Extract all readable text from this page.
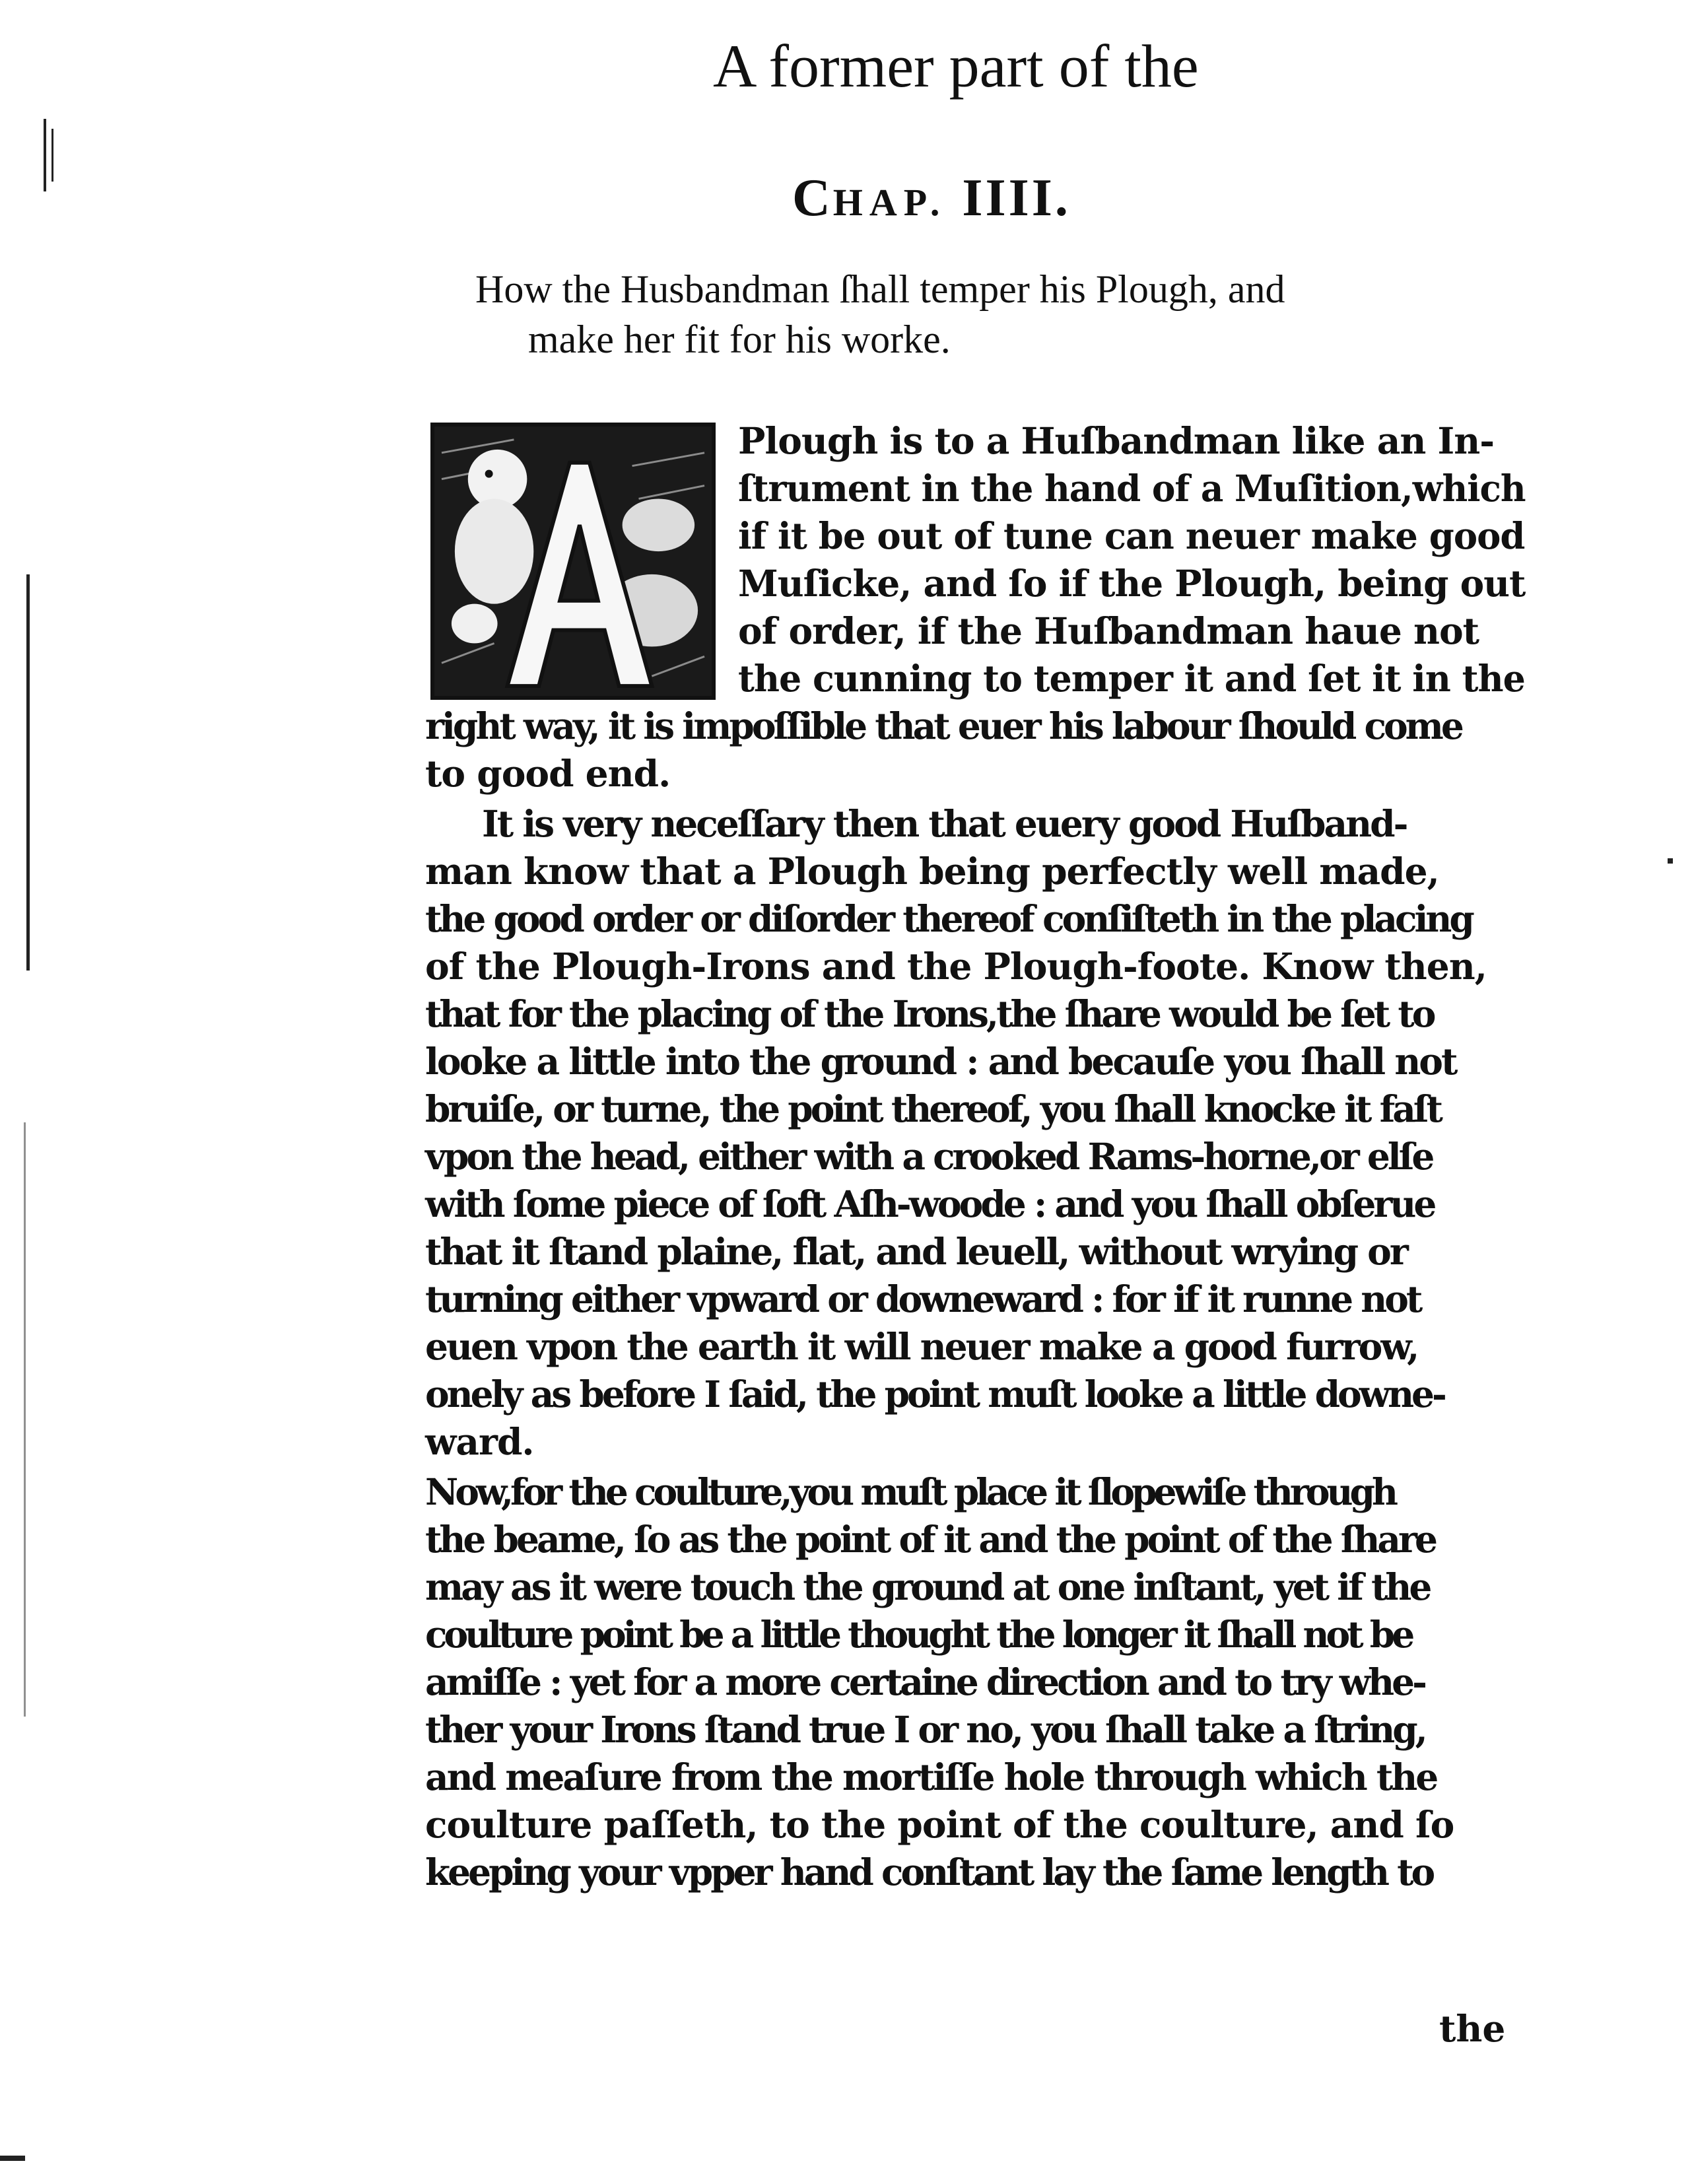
A former part of the
CHAP. IIII.
How the Husbandman ſhall temper his Plough, and
make her fit for his worke.
A
Plough is to a Huſbandman like an In-
ſtrument in the hand of a Muſition,which
if it be out of tune can neuer make good
Muſicke, and ſo if the Plough, being out
of order, if the Huſbandman haue not
the cunning to temper it and ſet it in the
right way, it is impoſſible that euer his labour ſhould come
to good end.
It is very neceſſary then that euery good Huſband-
man know that a Plough being perfectly well made,
the good order or diſorder thereof conſiſteth in the placing
of the Plough-Irons and the Plough-foote. Know then,
that for the placing of the Irons,the ſhare would be ſet to
looke a little into the ground : and becauſe you ſhall not
bruiſe, or turne, the point thereof, you ſhall knocke it faſt
vpon the head, either with a crooked Rams-horne,or elſe
with ſome piece of ſoft Aſh-woode : and you ſhall obſerue
that it ſtand plaine, flat, and leuell, without wrying or
turning either vpward or downeward : for if it runne not
euen vpon the earth it will neuer make a good furrow,
onely as before I ſaid, the point muſt looke a little downe-
ward.
Now,for the coulture,you muſt place it ſlopewiſe through
the beame, ſo as the point of it and the point of the ſhare
may as it were touch the ground at one inſtant, yet if the
coulture point be a little thought the longer it ſhall not be
amiſſe : yet for a more certaine direction and to try whe-
ther your Irons ſtand true I or no, you ſhall take a ſtring,
and meaſure from the mortiſſe hole through which the
coulture paſſeth, to the point of the coulture, and ſo
keeping your vpper hand conſtant lay the ſame length to
the
